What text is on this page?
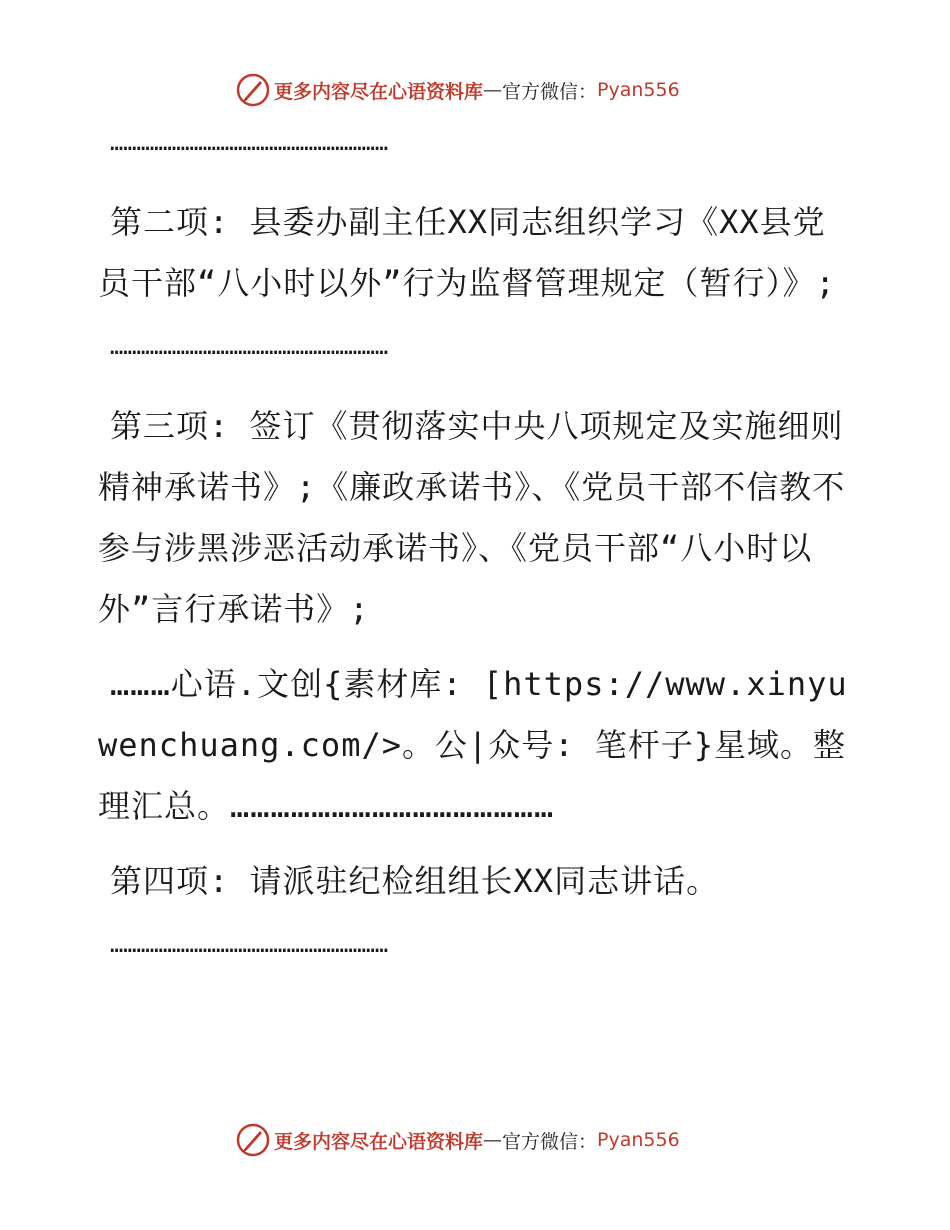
更多内容尽在心语资料库 — 官方微信 ： Pyan556
………………………………………………………

第二项: 县委办副主任XX同志组织学习《XX县党员干部“八小时以外”行为监督管理规定（暂行）》;

………………………………………………………

第三项: 签订《贯彻落实中央八项规定及实施细则精神承诺书》;《廉政承诺书》、《党员干部不信教不参与涉黑涉恶活动承诺书》、《党员干部“八小时以外”言行承诺书》;

………心语.文创{素材库: [https://www.xinyuwenchuang.com/>。公|众号: 笔杆子}星域。整理汇总。…………………………………………

第四项: 请派驻纪检组组长XX同志讲话。

………………………………………………………
更多内容尽在心语资料库 — 官方微信 ： Pyan556
